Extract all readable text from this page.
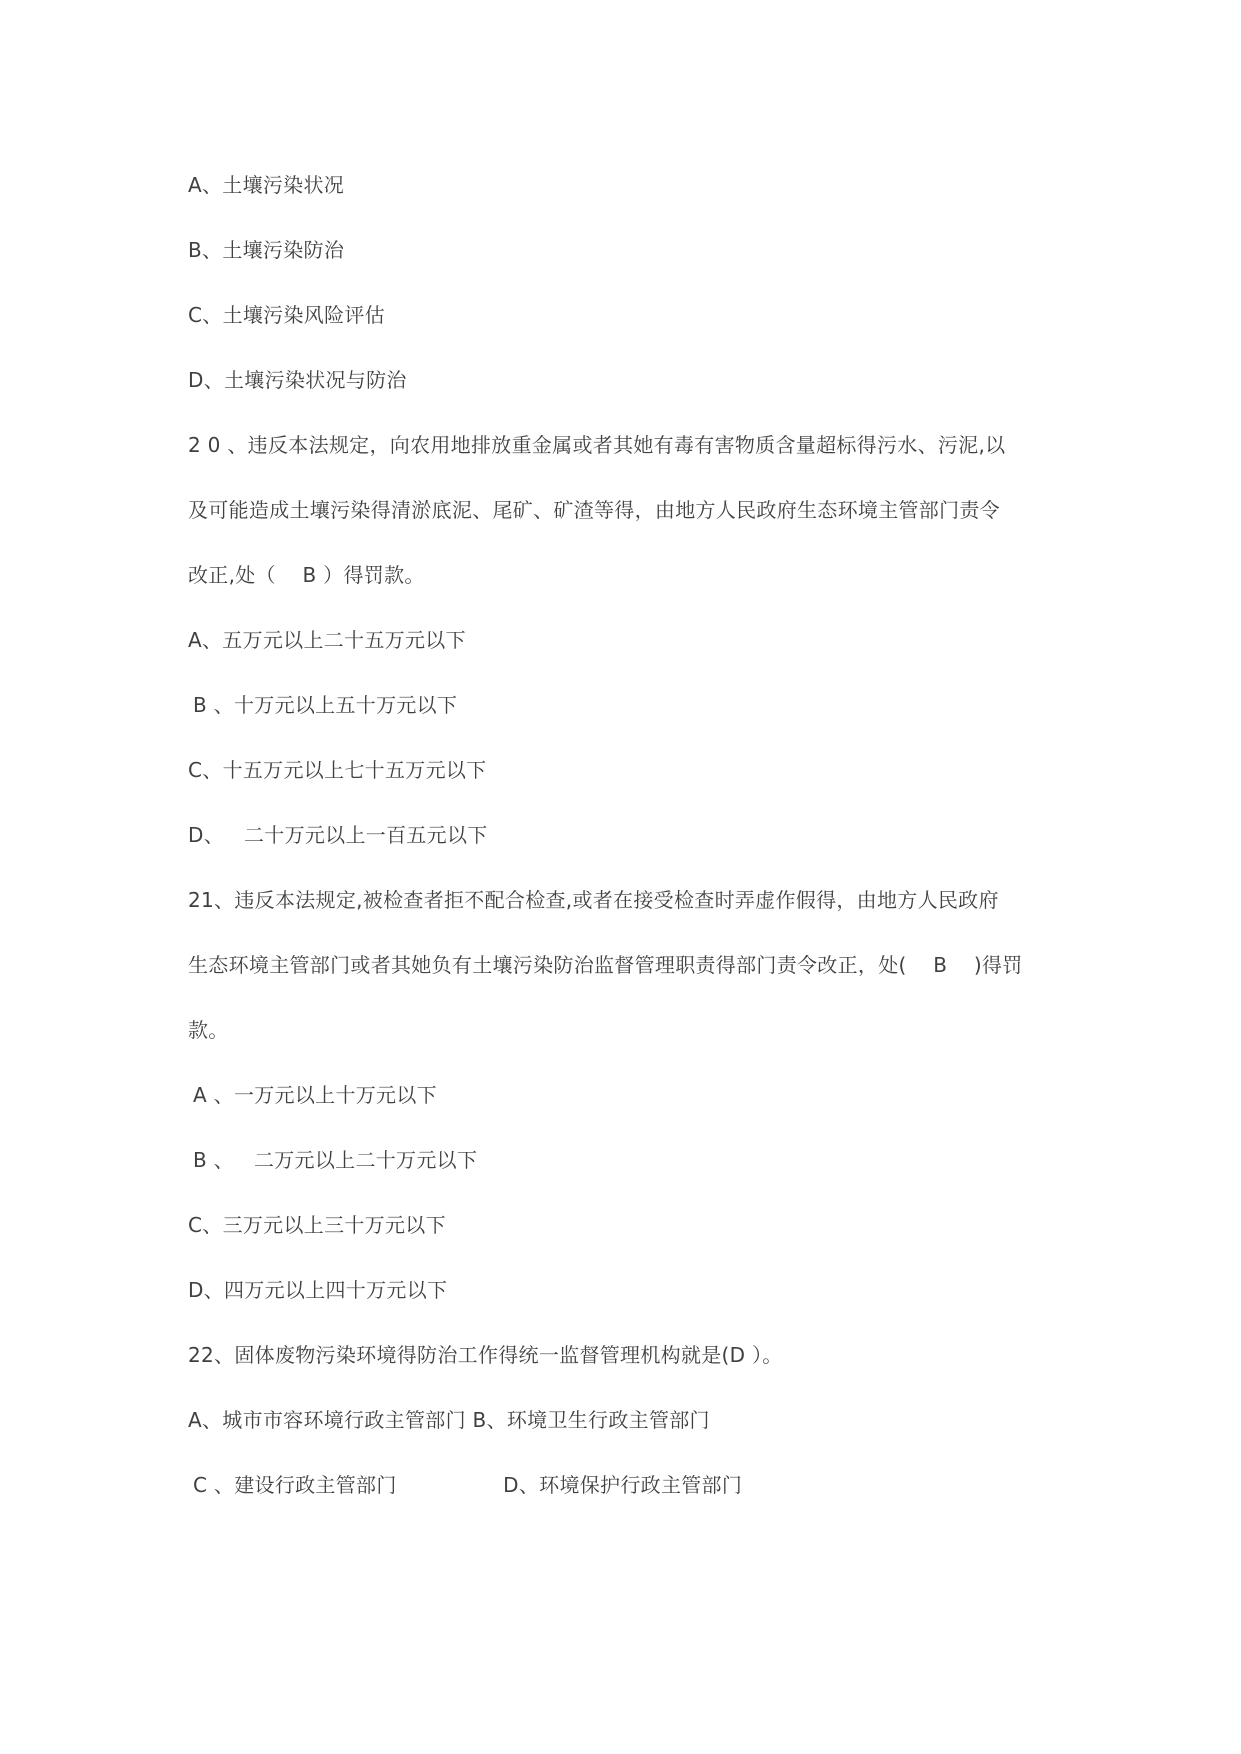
A、土壤污染状况
B、土壤污染防治
C、土壤污染风险评估
D、土壤污染状况与防治
2 0 、违反本法规定，向农用地排放重金属或者其她有毒有害物质含量超标得污水、污泥,以
及可能造成土壤污染得清淤底泥、尾矿、矿渣等得，由地方人民政府生态环境主管部门责令
改正,处（    B ）得罚款。
A、五万元以上二十五万元以下
B 、十万元以上五十万元以下
C、十五万元以上七十五万元以下
D、   二十万元以上一百五元以下
21、违反本法规定,被检查者拒不配合检查,或者在接受检查时弄虚作假得，由地方人民政府
生态环境主管部门或者其她负有土壤污染防治监督管理职责得部门责令改正，处(    B    )得罚
款。
A 、一万元以上十万元以下
B 、   二万元以上二十万元以下
C、三万元以上三十万元以下
D、四万元以上四十万元以下
22、固体废物污染环境得防治工作得统一监督管理机构就是(D ）。
A、城市市容环境行政主管部门 B、环境卫生行政主管部门
C 、建设行政主管部门                D、环境保护行政主管部门
